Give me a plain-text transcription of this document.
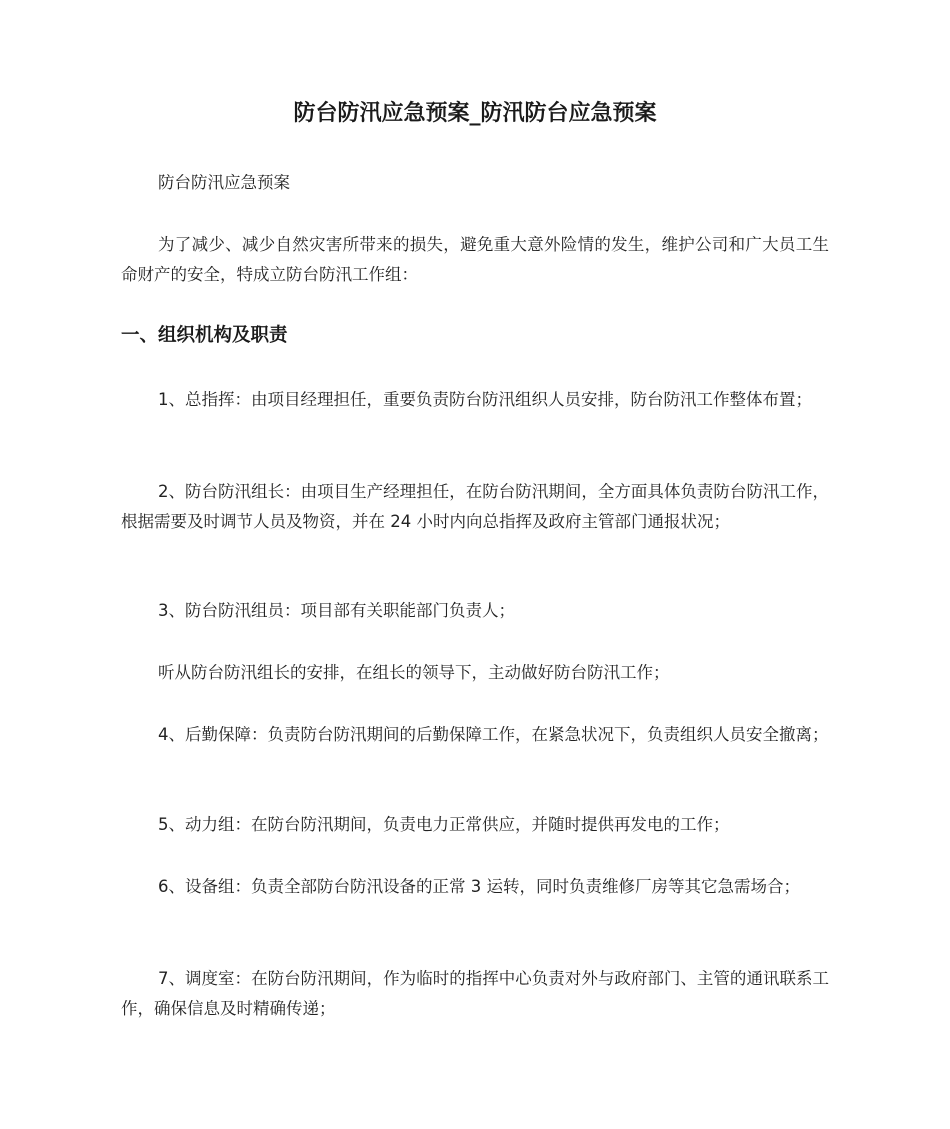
防台防汛应急预案_防汛防台应急预案

防台防汛应急预案

为了减少、减少自然灾害所带来的损失，避免重大意外险情的发生，维护公司和广大员工生命财产的安全，特成立防台防汛工作组：

一、组织机构及职责

1、总指挥：由项目经理担任，重要负责防台防汛组织人员安排，防台防汛工作整体布置；

2、防台防汛组长：由项目生产经理担任，在防台防汛期间，全方面具体负责防台防汛工作，根据需要及时调节人员及物资，并在 24 小时内向总指挥及政府主管部门通报状况；

3、防台防汛组员：项目部有关职能部门负责人；

听从防台防汛组长的安排，在组长的领导下，主动做好防台防汛工作；

4、后勤保障：负责防台防汛期间的后勤保障工作，在紧急状况下，负责组织人员安全撤离；

5、动力组：在防台防汛期间，负责电力正常供应，并随时提供再发电的工作；

6、设备组：负责全部防台防汛设备的正常 3 运转，同时负责维修厂房等其它急需场合；

7、调度室：在防台防汛期间，作为临时的指挥中心负责对外与政府部门、主管的通讯联系工作，确保信息及时精确传递；
